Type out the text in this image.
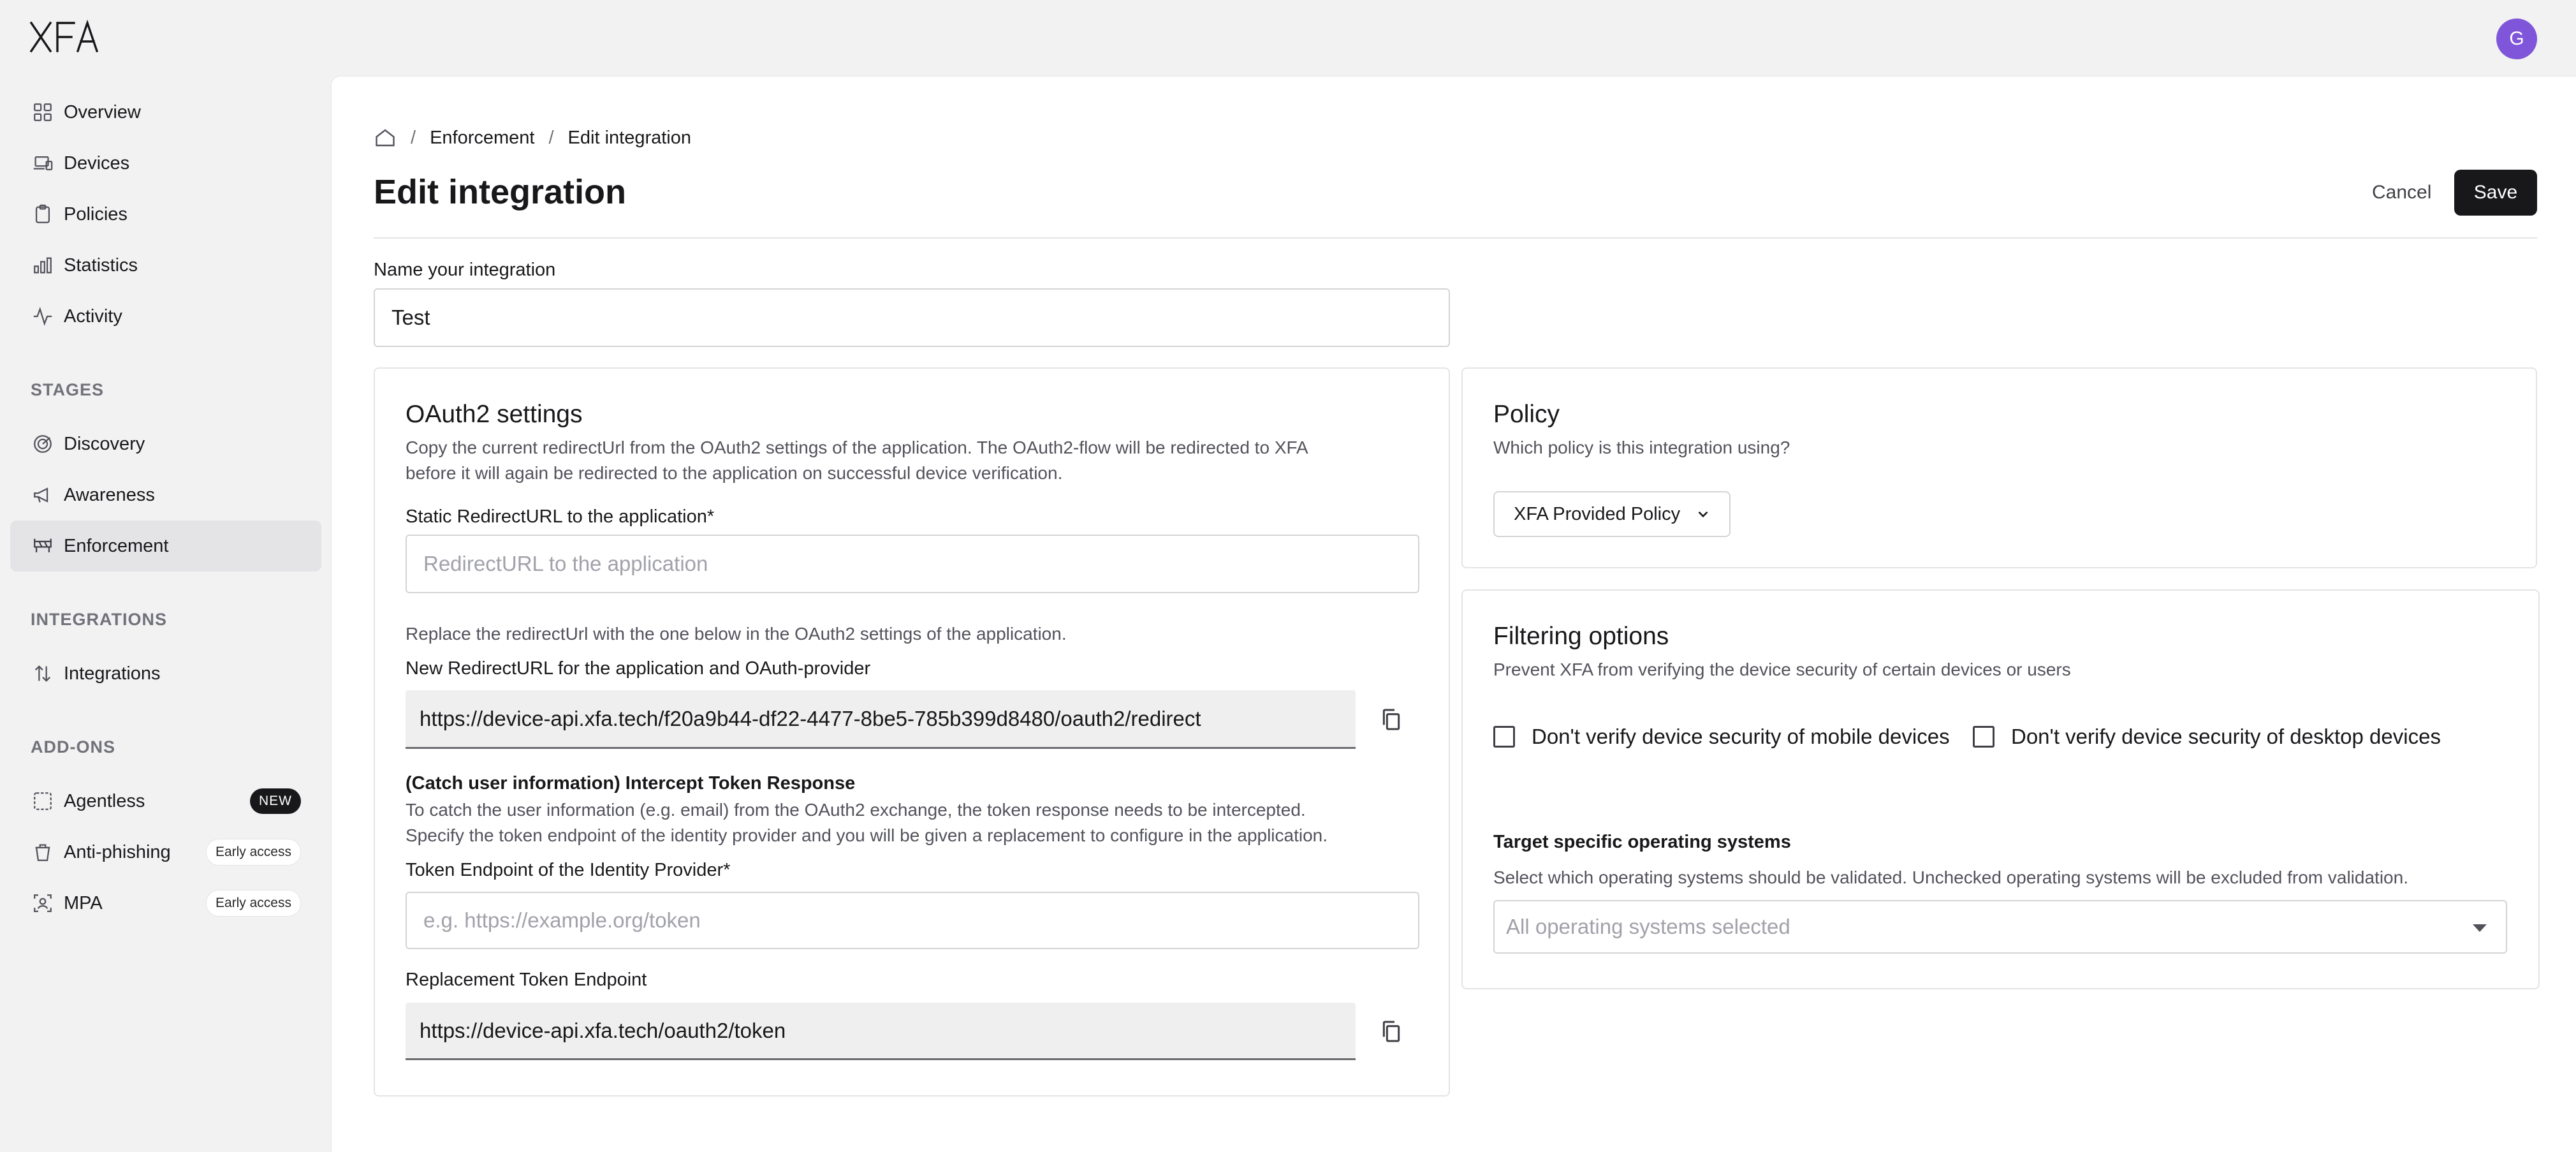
G
Overview
Devices
Policies
Statistics
Activity
STAGES
Discovery
Awareness
Enforcement
INTEGRATIONS
Integrations
ADD-ONS
Agentless	NEW
Anti-phishing	Early access
MPA	Early access
/ Enforcement / Edit integration
Edit integration	Cancel	Save
Name your integration
Test
OAuth2 settings
Copy the current redirectUrl from the OAuth2 settings of the application. The OAuth2-flow will be redirected to XFA
before it will again be redirected to the application on successful device verification.
Static RedirectURL to the application*
RedirectURL to the application
Replace the redirectUrl with the one below in the OAuth2 settings of the application.
New RedirectURL for the application and OAuth-provider
https://device-api.xfa.tech/f20a9b44-df22-4477-8be5-785b399d8480/oauth2/redirect
(Catch user information) Intercept Token Response
To catch the user information (e.g. email) from the OAuth2 exchange, the token response needs to be intercepted.
Specify the token endpoint of the identity provider and you will be given a replacement to configure in the application.
Token Endpoint of the Identity Provider*
e.g. https://example.org/token
Replacement Token Endpoint
https://device-api.xfa.tech/oauth2/token
Policy
Which policy is this integration using?
XFA Provided Policy
Filtering options
Prevent XFA from verifying the device security of certain devices or users
Don't verify device security of mobile devices	Don't verify device security of desktop devices
Target specific operating systems
Select which operating systems should be validated. Unchecked operating systems will be excluded from validation.
All operating systems selected
